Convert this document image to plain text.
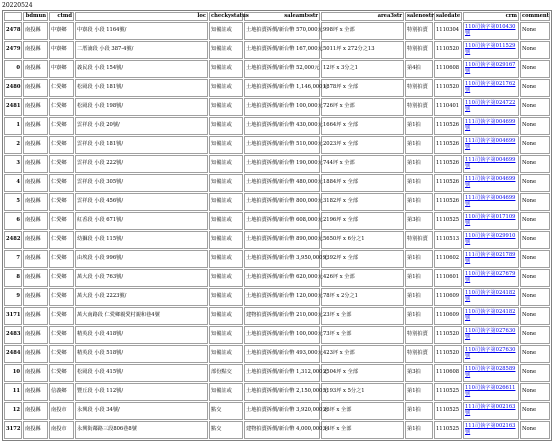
20220524
	bdmun	ctmd	loc	checkystatus	saleamtsstr	area3str	salenostr	saledate	crm	comment
2478	南投縣	中寮鄉	中寮段 小段 1164號/	知備註或	土地拍賣拆價/新台幣 570,000元	998坪 x 全部	特別拍賣	1110304	110司執字第010430號	None
2479	南投縣	中寮鄉	二厝湳段 小段 387-4號/	知備註或	土地拍賣拆價/新台幣 167,000元	5011坪 x 272分之13	特別拍賣	1110520	110司執字第011529號	None
0	南投縣	中寮鄉	義民段 小段 154號/	知備註或	土地拍賣拆價/新台幣 52,000元	12坪 x 3分之1	第4拍	1110608	110司執字第029167號	None
2480	南投縣	仁愛鄉	松岡段 小段 181號/	知備註或	土地拍賣拆價/新台幣 1,146,000元	1878坪 x 全部	特別拍賣	1110520	110司執字第021762號	None
2481	南投縣	仁愛鄉	松岡段 小段 198號/	知備註或	土地拍賣拆價/新台幣 100,000元	726坪 x 全部	特別拍賣	1110401	110司執字第024722號	None
1	南投縣	仁愛鄉	雲祥段 小段 20號/	知備註或	土地拍賣拆價/新台幣 430,000元	1664坪 x 全部	第1拍	1110526	111司執字第004699號	None
2	南投縣	仁愛鄉	雲祥段 小段 181號/	知備註或	土地拍賣拆價/新台幣 510,000元	2023坪 x 全部	第1拍	1110526	111司執字第004699號	None
3	南投縣	仁愛鄉	雲祥段 小段 222號/	知備註或	土地拍賣拆價/新台幣 190,000元	744坪 x 全部	第1拍	1110526	111司執字第004699號	None
4	南投縣	仁愛鄉	雲祥段 小段 305號/	知備註或	土地拍賣拆價/新台幣 480,000元	1884坪 x 全部	第1拍	1110526	111司執字第004699號	None
5	南投縣	仁愛鄉	雲祥段 小段 456號/	知備註或	土地拍賣拆價/新台幣 800,000元	3182坪 x 全部	第1拍	1110526	111司執字第004699號	None
6	南投縣	仁愛鄉	紅香段 小段 671號/	知備註或	土地拍賣拆價/新台幣 608,000元	2196坪 x 全部	第3拍	1110525	110司執字第017109號	None
2482	南投縣	仁愛鄉	幼獅段 小段 115號/	知備註或	土地拍賣拆價/新台幣 890,000元	5650坪 x 6分之1	特別拍賣	1110513	110司執字第029910號	None
7	南投縣	仁愛鄉	由埃段 小段 996號/	知備註或	土地拍賣拆價/新台幣 3,950,000元	9392坪 x 全部	第1拍	1110602	111司執字第021789號	None
8	南投縣	仁愛鄉	萬大段 小段 763號/	知備註或	土地拍賣拆價/新台幣 620,000元	426坪 x 全部	第1拍	1110601	110司執字第027679號	None
9	南投縣	仁愛鄉	萬大段 小段 2223號/	知備註或	土地拍賣拆價/新台幣 120,000元	78坪 x 2分之1	第1拍	1110609	110司執字第024182號	None
3171	南投縣	仁愛鄉	萬大南路段 仁愛鄉親愛村親和巷4號	知備註或	建物拍賣拆價/新台幣 210,000元	23坪 x 全部	第1拍	1110609	110司執字第024182號	None
2483	南投縣	仁愛鄉	精英段 小段 418號/	知備註或	土地拍賣拆價/新台幣 100,000元	73坪 x 全部	特別拍賣	1110520	110司執字第027630號	None
2484	南投縣	仁愛鄉	精英段 小段 518號/	知備註或	土地拍賣拆價/新台幣 493,000元	423坪 x 全部	特別拍賣	1110520	110司執字第027630號	None
10	南投縣	仁愛鄉	松岡段 小段 415號/	部份點交	土地拍賣拆價/新台幣 1,312,000元	2504坪 x 全部	第3拍	1110608	110司執字第028589號	None
11	南投縣	信義鄉	豐丘段 小段 112號/	知備註或	土地拍賣拆價/新台幣 2,150,000元	5193坪 x 5分之1	第1拍	1110525	110司執字第026611號	None
12	南投縣	南投市	永興段 小段 34號/	點交	土地拍賣拆價/新台幣 3,920,000元	26坪 x 全部	第1拍	1110525	111司執字第002163號	None
3172	南投縣	南投市	永興街鄰路三段806巷8號	點交	建物拍賣拆價/新台幣 4,000,000元	34坪 x 全部	第1拍	1110525	111司執字第002163號	None
